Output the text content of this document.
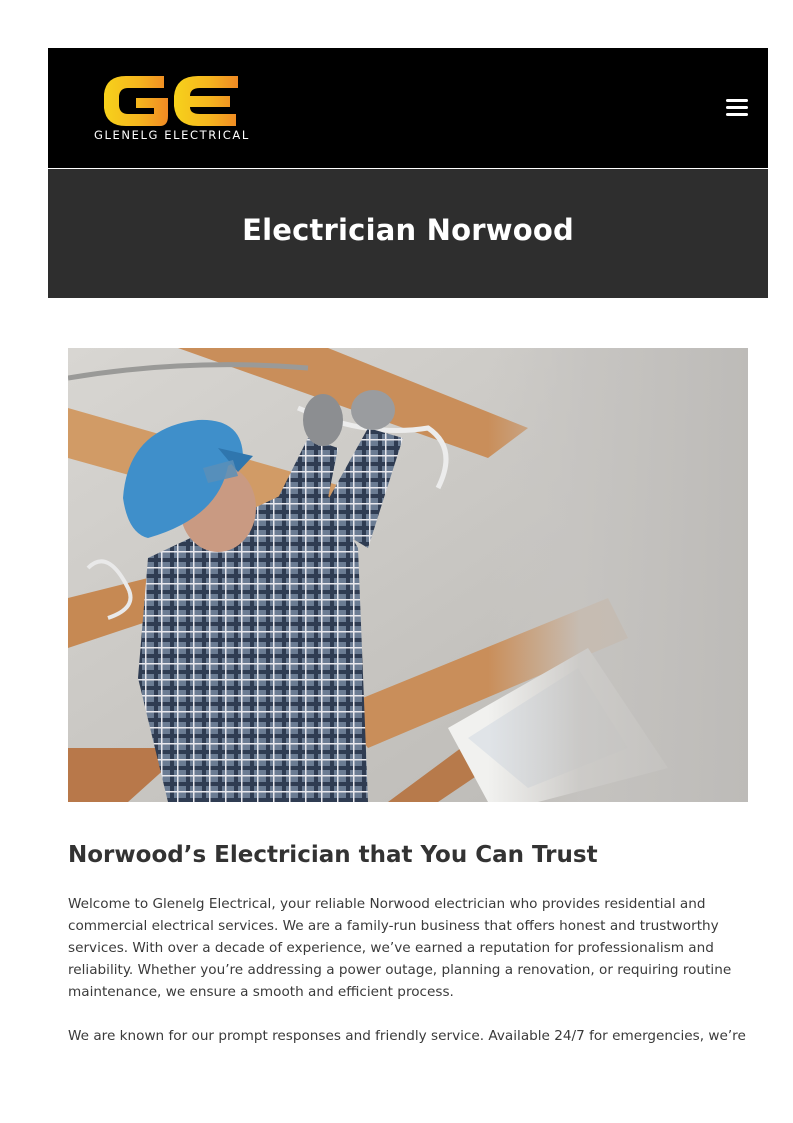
GLENELG ELECTRICAL
Electrician Norwood
Norwood’s Electrician that You Can Trust

Welcome to Glenelg Electrical, your reliable Norwood electrician who provides residential and commercial electrical services. We are a family-run business that offers honest and trustworthy services. With over a decade of experience, we’ve earned a reputation for professionalism and reliability. Whether you’re addressing a power outage, planning a renovation, or requiring routine maintenance, we ensure a smooth and efficient process.

We are known for our prompt responses and friendly service. Available 24/7 for emergencies, we’re
